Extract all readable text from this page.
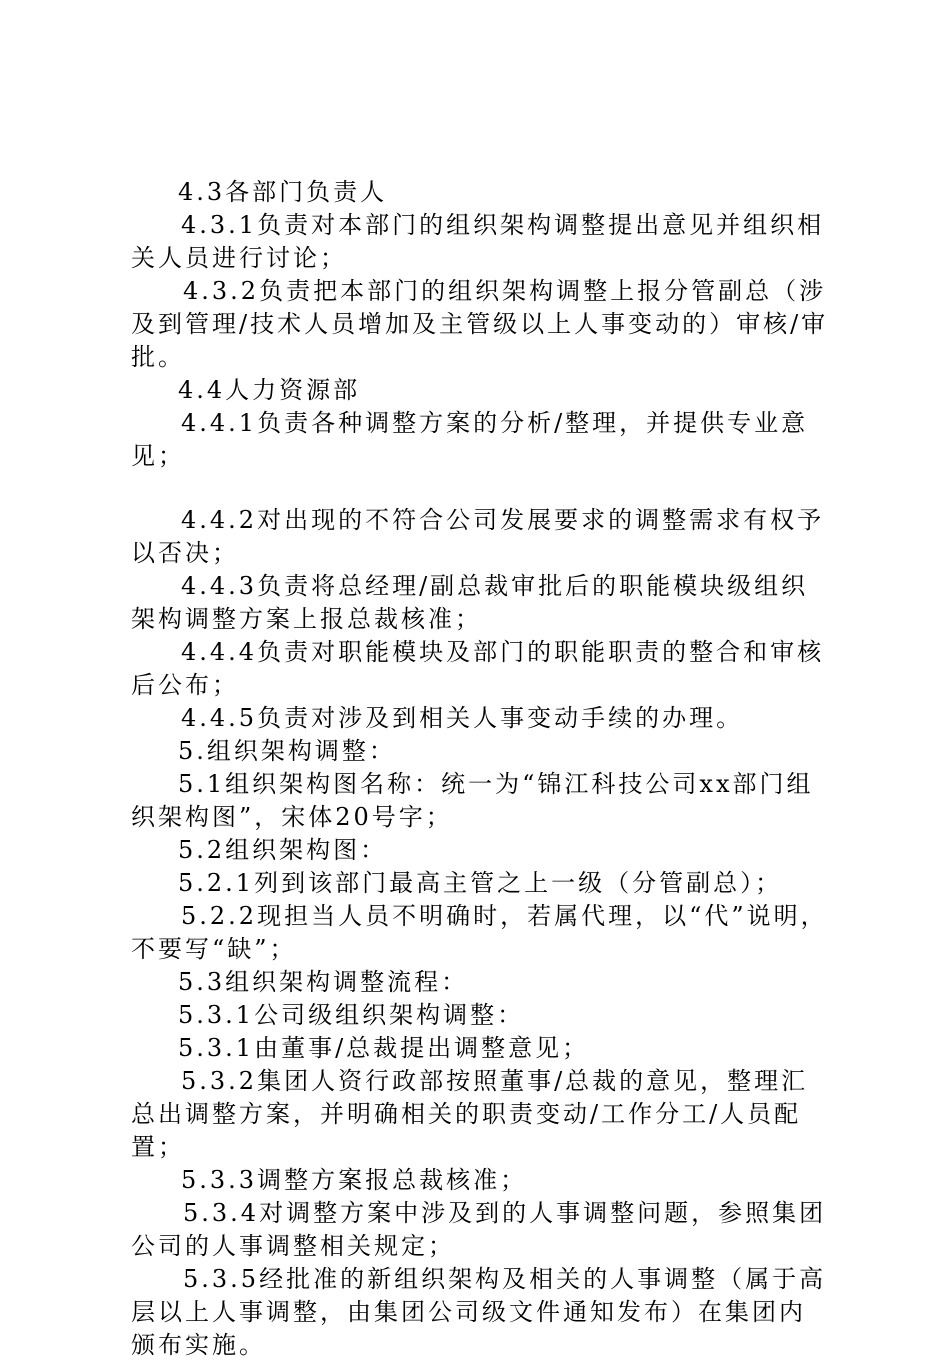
4.3各部门负责人

4.3.1负责对本部门的组织架构调整提出意见并组织相关人员进行讨论；

4.3.2负责把本部门的组织架构调整上报分管副总（涉及到管理/技术人员增加及主管级以上人事变动的）审核/审批。

4.4人力资源部

4.4.1负责各种调整方案的分析/整理，并提供专业意见；

4.4.2对出现的不符合公司发展要求的调整需求有权予以否决；

4.4.3负责将总经理/副总裁审批后的职能模块级组织架构调整方案上报总裁核准；

4.4.4负责对职能模块及部门的职能职责的整合和审核后公布；

4.4.5负责对涉及到相关人事变动手续的办理。

5.组织架构调整：

5.1组织架构图名称：统一为“锦江科技公司xx部门组织架构图”，宋体20号字；

5.2组织架构图：

5.2.1列到该部门最高主管之上一级（分管副总）；

5.2.2现担当人员不明确时，若属代理，以“代”说明，不要写“缺”；

5.3组织架构调整流程：

5.3.1公司级组织架构调整：

5.3.1由董事/总裁提出调整意见；

5.3.2集团人资行政部按照董事/总裁的意见，整理汇总出调整方案，并明确相关的职责变动/工作分工/人员配置；

5.3.3调整方案报总裁核准；

5.3.4对调整方案中涉及到的人事调整问题，参照集团公司的人事调整相关规定；

5.3.5经批准的新组织架构及相关的人事调整（属于高层以上人事调整，由集团公司级文件通知发布）在集团内颁布实施。
